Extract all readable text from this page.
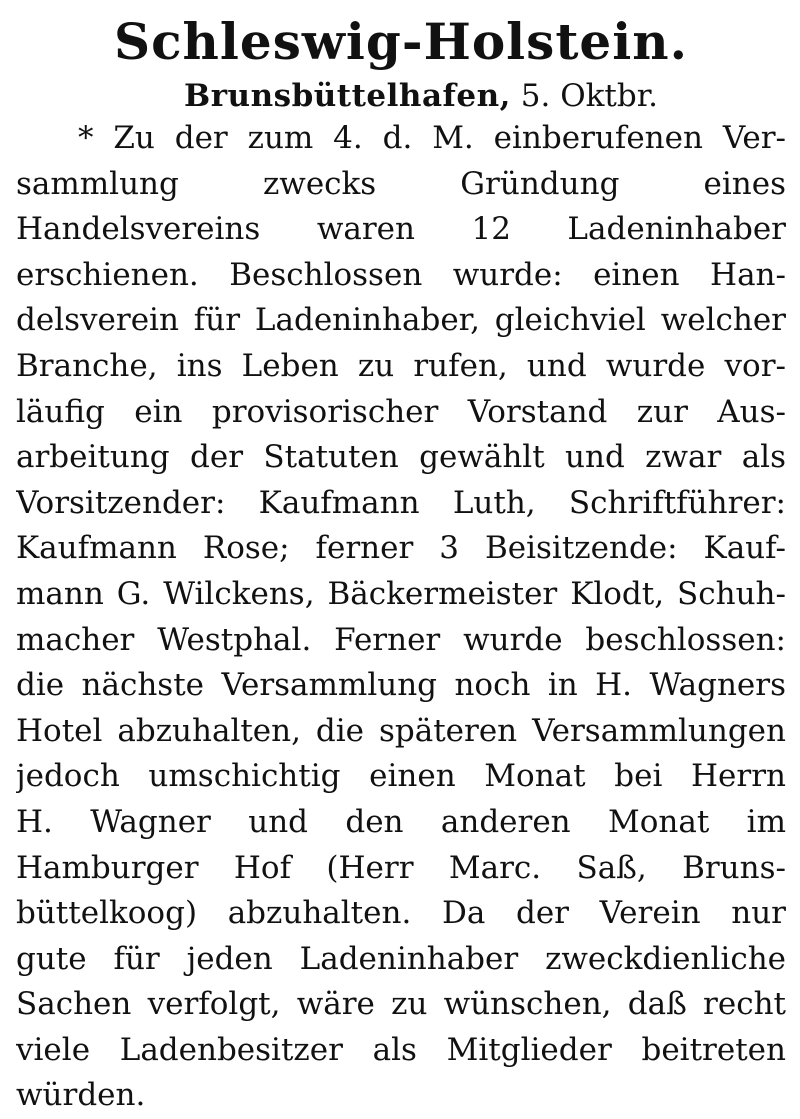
Schleswig-Holstein.
Brunsbüttelhafen, 5. Oktbr.
* Zu der zum 4. d. M. einberufenen Ver-
sammlung zwecks Gründung eines
Handelsvereins waren 12 Ladeninhaber
erschienen. Beschlossen wurde: einen Han-
delsverein für Ladeninhaber, gleichviel welcher
Branche, ins Leben zu rufen, und wurde vor-
läufig ein provisorischer Vorstand zur Aus-
arbeitung der Statuten gewählt und zwar als
Vorsitzender: Kaufmann Luth, Schriftführer:
Kaufmann Rose; ferner 3 Beisitzende: Kauf-
mann G. Wilckens, Bäckermeister Klodt, Schuh-
macher Westphal. Ferner wurde beschlossen:
die nächste Versammlung noch in H. Wagners
Hotel abzuhalten, die späteren Versammlungen
jedoch umschichtig einen Monat bei Herrn
H. Wagner und den anderen Monat im
Hamburger Hof (Herr Marc. Saß, Bruns-
büttelkoog) abzuhalten. Da der Verein nur
gute für jeden Ladeninhaber zweckdienliche
Sachen verfolgt, wäre zu wünschen, daß recht
viele Ladenbesitzer als Mitglieder beitreten
würden.
